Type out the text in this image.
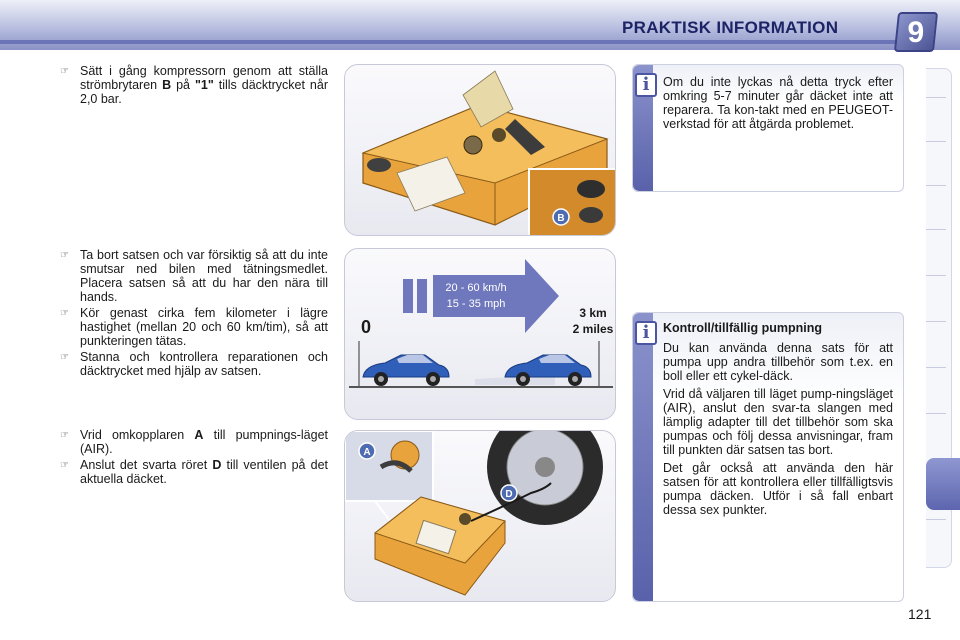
PRAKTISK INFORMATION	9
☞ Sätt i gång kompressorn genom att ställa strömbrytaren B på "1" tills däcktrycket når 2,0 bar.
☞ Ta bort satsen och var försiktig så att du inte smutsar ned bilen med tätningsmedlet. Placera satsen så att du har den nära till hands.
☞ Kör genast cirka fem kilometer i lägre hastighet (mellan 20 och 60 km/tim), så att punkteringen tätas.
☞ Stanna och kontrollera reparationen och däcktrycket med hjälp av satsen.
☞ Vrid omkopplaren A till pumpnings-läget (AIR).
☞ Anslut det svarta röret D till ventilen på det aktuella däcket.
B
20 - 60 km/h
15 - 35 mph
0
3 km
2 miles
A
D
i	Om du inte lyckas nå detta tryck efter omkring 5-7 minuter går däcket inte att reparera. Ta kon-takt med en PEUGEOT-verkstad för att åtgärda problemet.

i	Kontroll/tillfällig pumpning

Du kan använda denna sats för att pumpa upp andra tillbehör som t.ex. en boll eller ett cykel-däck.

Vrid då väljaren till läget pump-ningsläget (AIR), anslut den svar-ta slangen med lämplig adapter till det tillbehör som ska pumpas och följ dessa anvisningar, fram till punkten där satsen tas bort.

Det går också att använda den här satsen för att kontrollera eller tillfälligtsvis pumpa däcken. Utför i så fall enbart dessa sex punkter.

121
